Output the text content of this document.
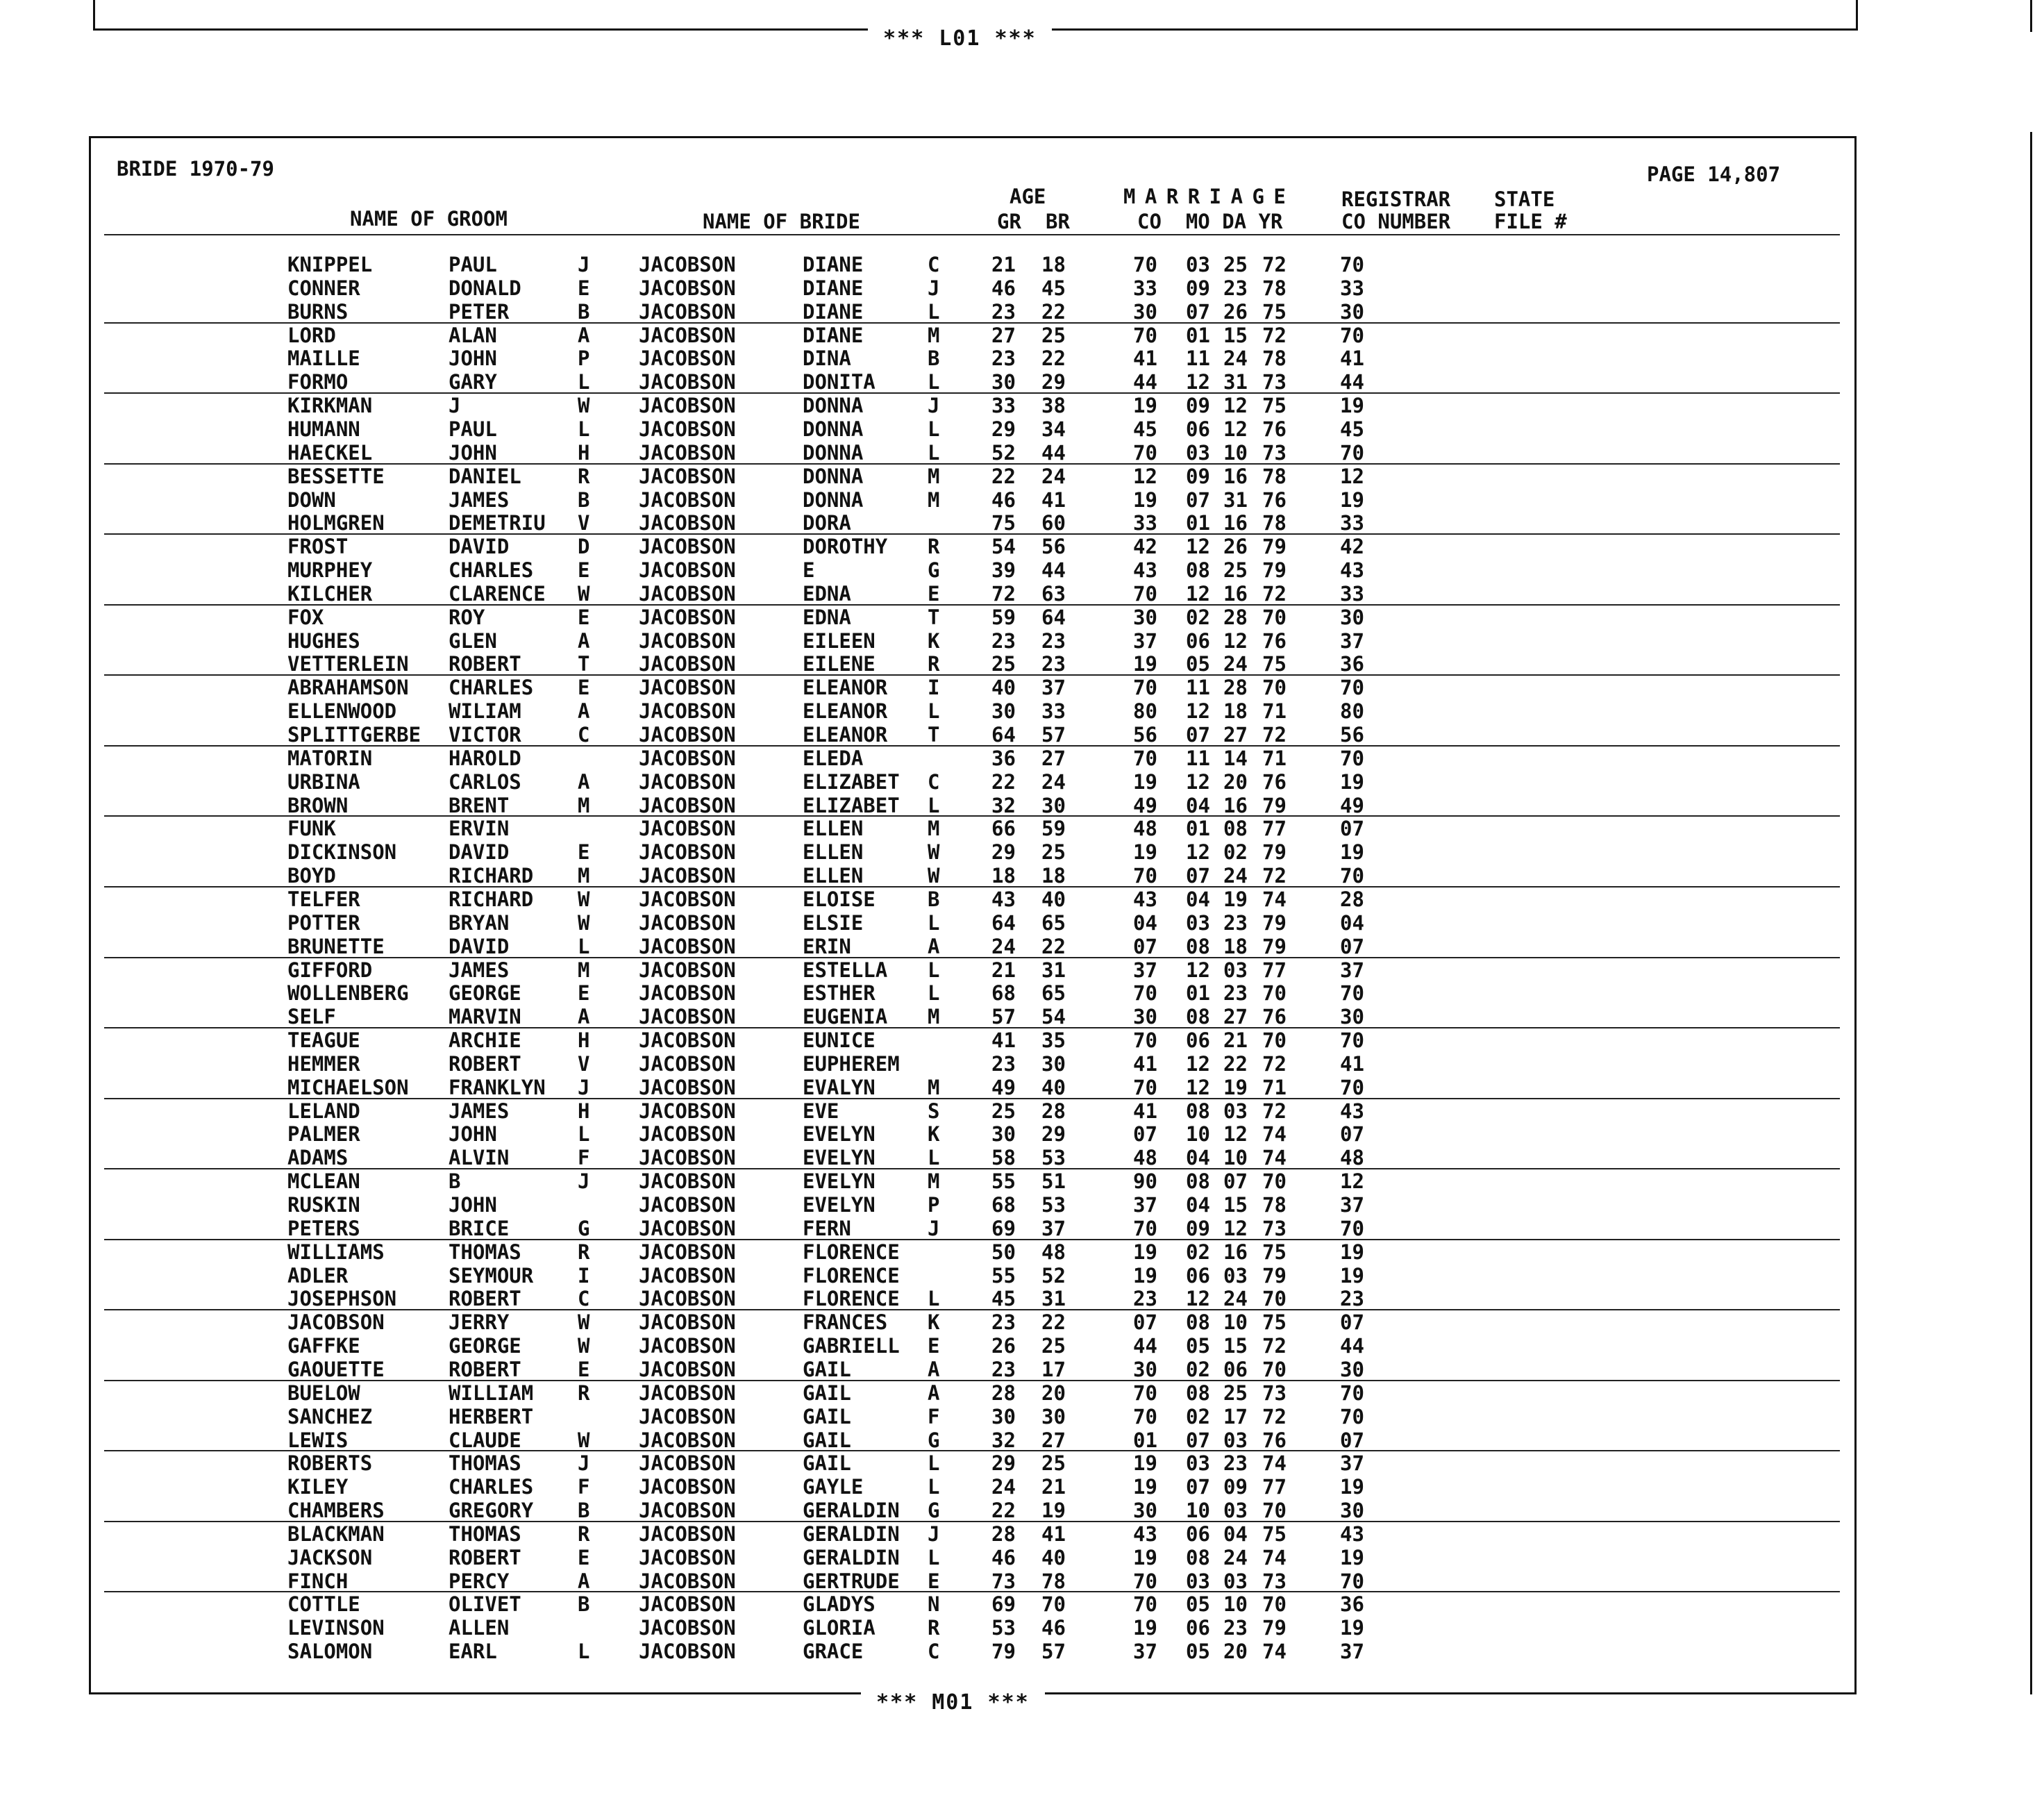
*** L01 ***
BRIDE 1970-79	PAGE 14,807
AGE	M A R R I A G E	REGISTRAR STATE
NAME OF GROOM	NAME OF BRIDE	GR BR	CO  MO DA YR	CO NUMBER FILE #
KNIPPEL	PAUL	J JACOBSON	DIANE	C	21 18	70 03 25 72	70
CONNER	DONALD	E JACOBSON	DIANE	J	46 45	33 09 23 78	33
BURNS	PETER	B JACOBSON	DIANE	L	23 22	30 07 26 75	30
LORD	ALAN	A JACOBSON	DIANE	M	27 25	70 01 15 72	70
MAILLE	JOHN	P JACOBSON	DINA	B	23 22	41 11 24 78	41
FORMO	GARY	L JACOBSON	DONITA	L	30 29	44 12 31 73	44
KIRKMAN	J	W JACOBSON	DONNA	J	33 38	19 09 12 75	19
HUMANN	PAUL	L JACOBSON	DONNA	L	29 34	45 06 12 76	45
HAECKEL	JOHN	H JACOBSON	DONNA	L	52 44	70 03 10 73	70
BESSETTE	DANIEL	R JACOBSON	DONNA	M	22 24	12 09 16 78	12
DOWN	JAMES	B JACOBSON	DONNA	M	46 41	19 07 31 76	19
HOLMGREN	DEMETRIU V JACOBSON	DORA	75 60	33 01 16 78	33
FROST	DAVID	D JACOBSON	DOROTHY R	54 56	42 12 26 79	42
MURPHEY	CHARLES E JACOBSON	E	G	39 44	43 08 25 79	43
KILCHER	CLARENCE W JACOBSON	EDNA	E	72 63	70 12 16 72	33
FOX	ROY	E JACOBSON	EDNA	T	59 64	30 02 28 70	30
HUGHES	GLEN	A JACOBSON	EILEEN	K	23 23	37 06 12 76	37
VETTERLEIN ROBERT	T JACOBSON	EILENE	R	25 23	19 05 24 75	36
ABRAHAMSON CHARLES E JACOBSON	ELEANOR I	40 37	70 11 28 70	70
ELLENWOOD	WILIAM	A JACOBSON	ELEANOR L	30 33	80 12 18 71	80
SPLITTGERBE VICTOR	C JACOBSON	ELEANOR T	64 57	56 07 27 72	56
MATORIN	HAROLD	JACOBSON	ELEDA	36 27	70 11 14 71	70
URBINA	CARLOS	A JACOBSON	ELIZABET C	22 24	19 12 20 76	19
BROWN	BRENT	M JACOBSON	ELIZABET L	32 30	49 04 16 79	49
FUNK	ERVIN	JACOBSON	ELLEN	M	66 59	48 01 08 77	07
DICKINSON	DAVID	E JACOBSON	ELLEN	W	29 25	19 12 02 79	19
BOYD	RICHARD M JACOBSON	ELLEN	W	18 18	70 07 24 72	70
TELFER	RICHARD W JACOBSON	ELOISE	B	43 40	43 04 19 74	28
POTTER	BRYAN	W JACOBSON	ELSIE	L	64 65	04 03 23 79	04
BRUNETTE	DAVID	L JACOBSON	ERIN	A	24 22	07 08 18 79	07
GIFFORD	JAMES	M JACOBSON	ESTELLA L	21 31	37 12 03 77	37
WOLLENBERG GEORGE	E JACOBSON	ESTHER	L	68 65	70 01 23 70	70
SELF	MARVIN	A JACOBSON	EUGENIA M	57 54	30 08 27 76	30
TEAGUE	ARCHIE	H JACOBSON	EUNICE	41 35	70 06 21 70	70
HEMMER	ROBERT	V JACOBSON	EUPHEREM	23 30	41 12 22 72	41
MICHAELSON FRANKLYN J JACOBSON	EVALYN	M	49 40	70 12 19 71	70
LELAND	JAMES	H JACOBSON	EVE	S	25 28	41 08 03 72	43
PALMER	JOHN	L JACOBSON	EVELYN	K	30 29	07 10 12 74	07
ADAMS	ALVIN	F JACOBSON	EVELYN	L	58 53	48 04 10 74	48
MCLEAN	B	J JACOBSON	EVELYN	M	55 51	90 08 07 70	12
RUSKIN	JOHN	JACOBSON	EVELYN	P	68 53	37 04 15 78	37
PETERS	BRICE	G JACOBSON	FERN	J	69 37	70 09 12 73	70
WILLIAMS	THOMAS	R JACOBSON	FLORENCE	50 48	19 02 16 75	19
ADLER	SEYMOUR I JACOBSON	FLORENCE	55 52	19 06 03 79	19
JOSEPHSON	ROBERT	C JACOBSON	FLORENCE L	45 31	23 12 24 70	23
JACOBSON	JERRY	W JACOBSON	FRANCES K	23 22	07 08 10 75	07
GAFFKE	GEORGE	W JACOBSON	GABRIELL E	26 25	44 05 15 72	44
GAOUETTE	ROBERT	E JACOBSON	GAIL	A	23 17	30 02 06 70	30
BUELOW	WILLIAM R JACOBSON	GAIL	A	28 20	70 08 25 73	70
SANCHEZ	HERBERT	JACOBSON	GAIL	F	30 30	70 02 17 72	70
LEWIS	CLAUDE	W JACOBSON	GAIL	G	32 27	01 07 03 76	07
ROBERTS	THOMAS	J JACOBSON	GAIL	L	29 25	19 03 23 74	37
KILEY	CHARLES F JACOBSON	GAYLE	L	24 21	19 07 09 77	19
CHAMBERS	GREGORY B JACOBSON	GERALDIN G	22 19	30 10 03 70	30
BLACKMAN	THOMAS	R JACOBSON	GERALDIN J	28 41	43 06 04 75	43
JACKSON	ROBERT	E JACOBSON	GERALDIN L	46 40	19 08 24 74	19
FINCH	PERCY	A JACOBSON	GERTRUDE E	73 78	70 03 03 73	70
COTTLE	OLIVET	B JACOBSON	GLADYS	N	69 70	70 05 10 70	36
LEVINSON	ALLEN	JACOBSON	GLORIA	R	53 46	19 06 23 79	19
SALOMON	EARL	L JACOBSON	GRACE	C	79 57	37 05 20 74	37
*** M01 ***
